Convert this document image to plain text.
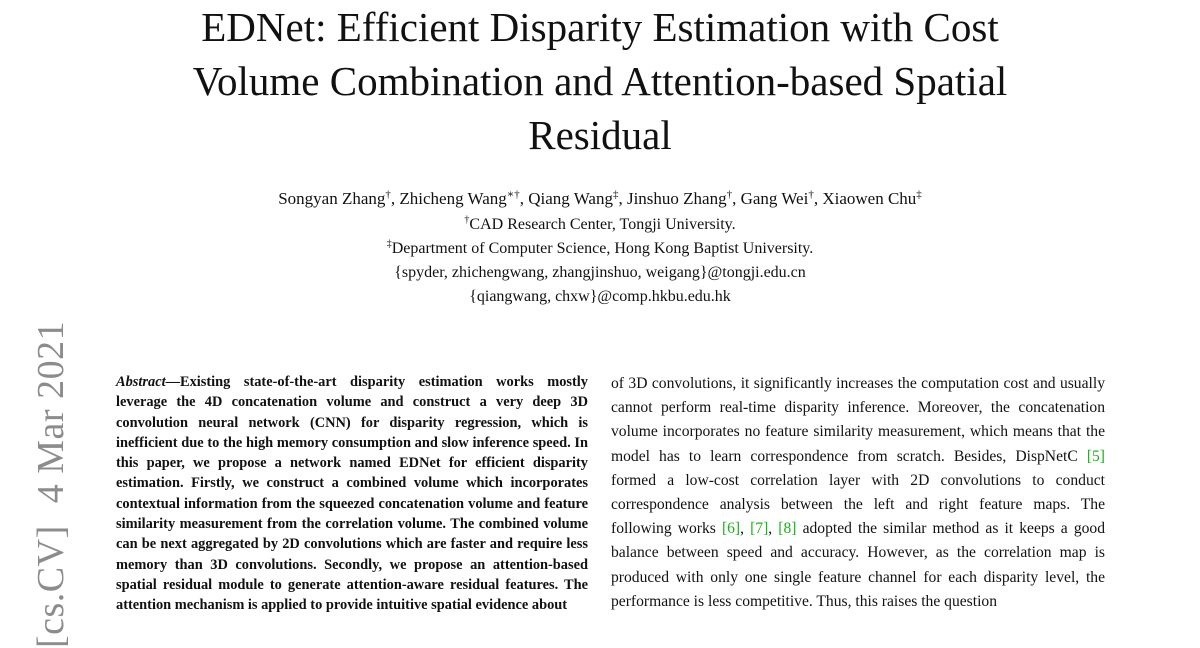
EDNet: Efficient Disparity Estimation with Cost
Volume Combination and Attention-based Spatial
Residual
Songyan Zhang†, Zhicheng Wang∗†, Qiang Wang‡, Jinshuo Zhang†, Gang Wei†, Xiaowen Chu‡
†CAD Research Center, Tongji University.
‡Department of Computer Science, Hong Kong Baptist University.
{spyder, zhichengwang, zhangjinshuo, weigang}@tongji.edu.cn
{qiangwang, chxw}@comp.hkbu.edu.hk
[cs.CV]4 Mar 2021	Abstract—Existing state-of-the-art disparity estimation works mostly leverage the 4D concatenation volume and construct a very deep 3D convolution neural network (CNN) for disparity regression, which is inefficient due to the high memory consumption and slow inference speed. In this paper, we propose a network named EDNet for efficient disparity estimation. Firstly, we construct a combined volume which incorporates contextual information from the squeezed concatenation volume and feature similarity measurement from the correlation volume. The combined volume can be next aggregated by 2D convolutions which are faster and require less memory than 3D convolutions. Secondly, we propose an attention-based spatial residual module to generate attention-aware residual features. The attention mechanism is applied to provide intuitive spatial evidence about

of 3D convolutions, it significantly increases the computation cost and usually cannot perform real-time disparity inference. Moreover, the concatenation volume incorporates no feature similarity measurement, which means that the model has to learn correspondence from scratch. Besides, DispNetC [5] formed a low-cost correlation layer with 2D convolutions to conduct correspondence analysis between the left and right feature maps. The following works [6], [7], [8] adopted the similar method as it keeps a good balance between speed and accuracy. However, as the correlation map is produced with only one single feature channel for each disparity level, the performance is less competitive. Thus, this raises the question
